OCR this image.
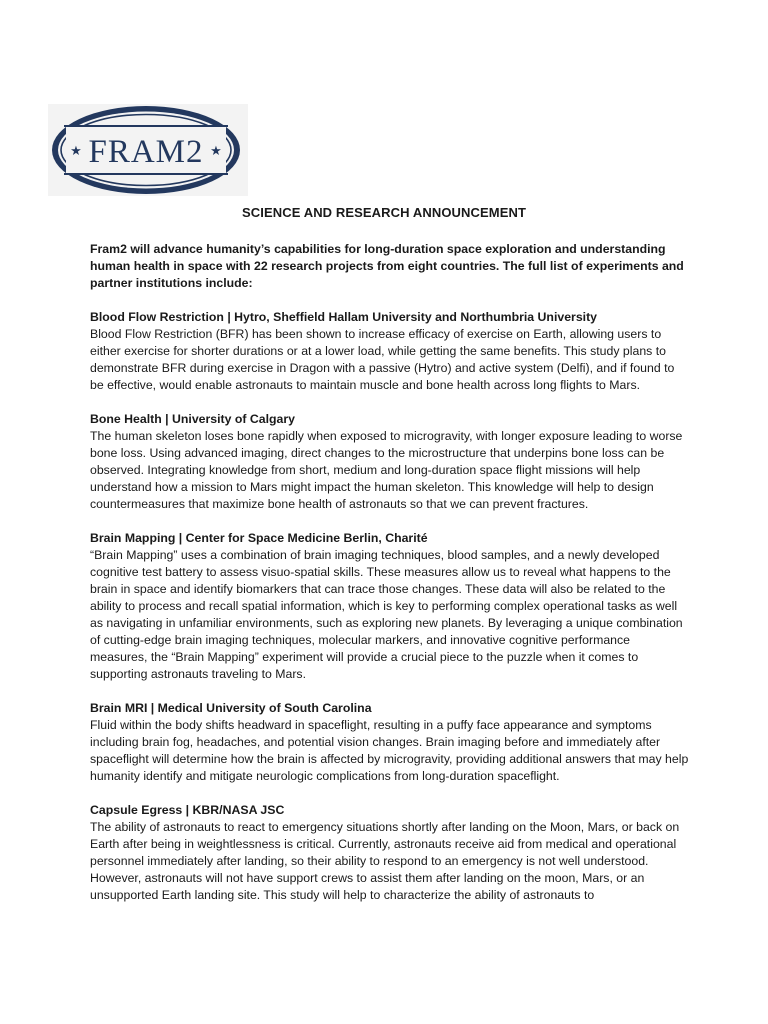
★	★
FRAM2
SCIENCE AND RESEARCH ANNOUNCEMENT

Fram2 will advance humanity’s capabilities for long-duration space exploration and understanding human health in space with 22 research projects from eight countries. The full list of experiments and partner institutions include:

Blood Flow Restriction | Hytro, Sheffield Hallam University and Northumbria University

Blood Flow Restriction (BFR) has been shown to increase efficacy of exercise on Earth, allowing users to either exercise for shorter durations or at a lower load, while getting the same benefits. This study plans to demonstrate BFR during exercise in Dragon with a passive (Hytro) and active system (Delfi), and if found to be effective, would enable astronauts to maintain muscle and bone health across long flights to Mars.

Bone Health | University of Calgary

The human skeleton loses bone rapidly when exposed to microgravity, with longer exposure leading to worse bone loss. Using advanced imaging, direct changes to the microstructure that underpins bone loss can be observed. Integrating knowledge from short, medium and long-duration space flight missions will help understand how a mission to Mars might impact the human skeleton. This knowledge will help to design countermeasures that maximize bone health of astronauts so that we can prevent fractures.

Brain Mapping | Center for Space Medicine Berlin, Charité

“Brain Mapping” uses a combination of brain imaging techniques, blood samples, and a newly developed cognitive test battery to assess visuo-spatial skills. These measures allow us to reveal what happens to the brain in space and identify biomarkers that can trace those changes. These data will also be related to the ability to process and recall spatial information, which is key to performing complex operational tasks as well as navigating in unfamiliar environments, such as exploring new planets. By leveraging a unique combination of cutting-edge brain imaging techniques, molecular markers, and innovative cognitive performance measures, the “Brain Mapping” experiment will provide a crucial piece to the puzzle when it comes to supporting astronauts traveling to Mars.

Brain MRI | Medical University of South Carolina

Fluid within the body shifts headward in spaceflight, resulting in a puffy face appearance and symptoms including brain fog, headaches, and potential vision changes. Brain imaging before and immediately after spaceflight will determine how the brain is affected by microgravity, providing additional answers that may help humanity identify and mitigate neurologic complications from long-duration spaceflight.

Capsule Egress | KBR/NASA JSC

The ability of astronauts to react to emergency situations shortly after landing on the Moon, Mars, or back on Earth after being in weightlessness is critical. Currently, astronauts receive aid from medical and operational personnel immediately after landing, so their ability to respond to an emergency is not well understood. However, astronauts will not have support crews to assist them after landing on the moon, Mars, or an unsupported Earth landing site. This study will help to characterize the ability of astronauts to
